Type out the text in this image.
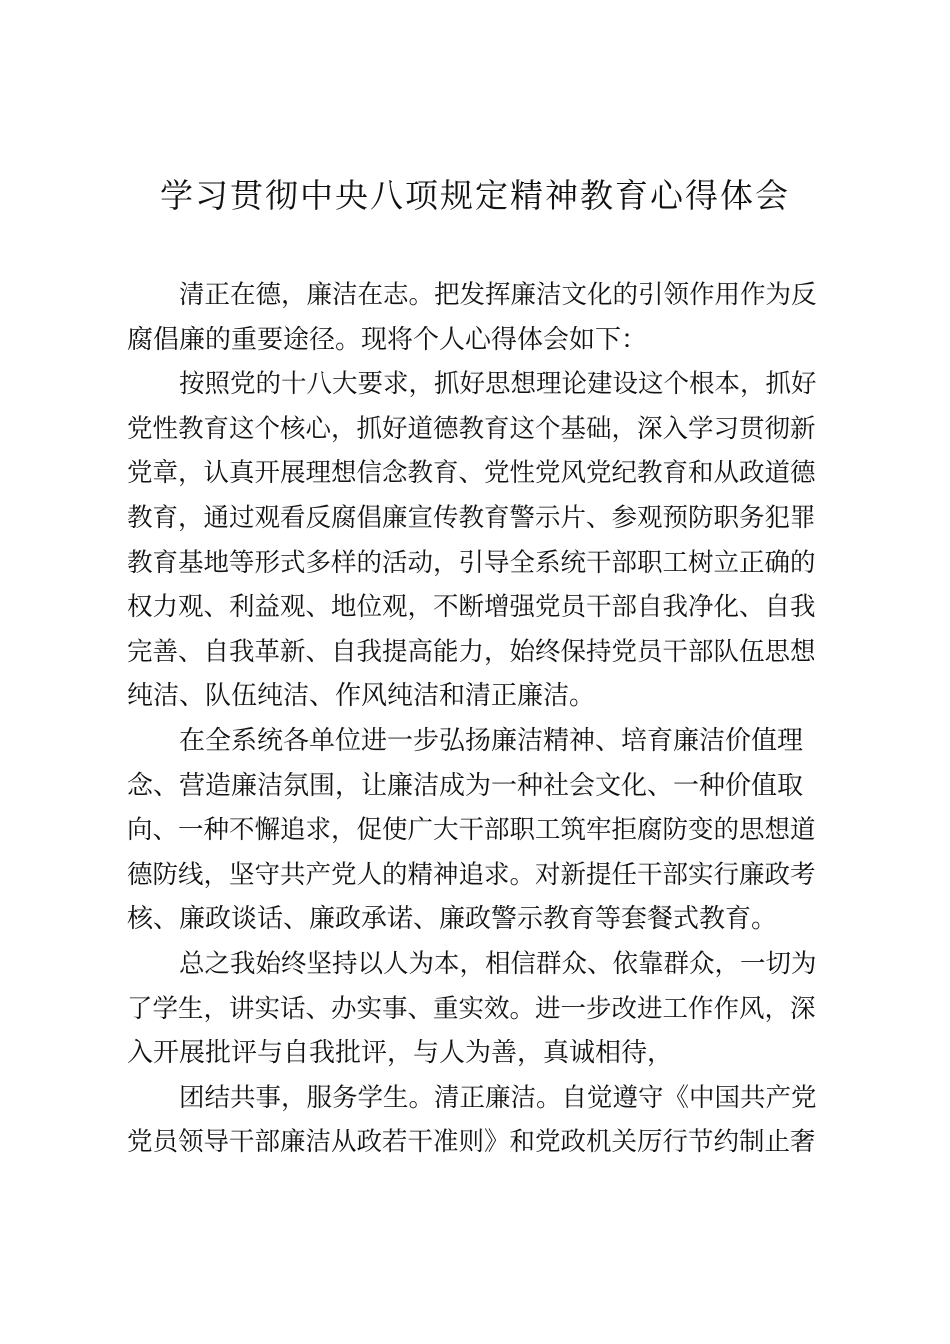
学习贯彻中央八项规定精神教育心得体会
清正在德，廉洁在志。把发挥廉洁文化的引领作用作为反
腐倡廉的重要途径。现将个人心得体会如下：
按照党的十八大要求，抓好思想理论建设这个根本，抓好
党性教育这个核心，抓好道德教育这个基础，深入学习贯彻新
党章，认真开展理想信念教育、党性党风党纪教育和从政道德
教育，通过观看反腐倡廉宣传教育警示片、参观预防职务犯罪
教育基地等形式多样的活动，引导全系统干部职工树立正确的
权力观、利益观、地位观，不断增强党员干部自我净化、自我
完善、自我革新、自我提高能力，始终保持党员干部队伍思想
纯洁、队伍纯洁、作风纯洁和清正廉洁。
在全系统各单位进一步弘扬廉洁精神、培育廉洁价值理
念、营造廉洁氛围，让廉洁成为一种社会文化、一种价值取
向、一种不懈追求，促使广大干部职工筑牢拒腐防变的思想道
德防线，坚守共产党人的精神追求。对新提任干部实行廉政考
核、廉政谈话、廉政承诺、廉政警示教育等套餐式教育。
总之我始终坚持以人为本，相信群众、依靠群众，一切为
了学生，讲实话、办实事、重实效。进一步改进工作作风，深
入开展批评与自我批评，与人为善，真诚相待，
团结共事，服务学生。清正廉洁。自觉遵守《中国共产党
党员领导干部廉洁从政若干准则》和党政机关厉行节约制止奢
